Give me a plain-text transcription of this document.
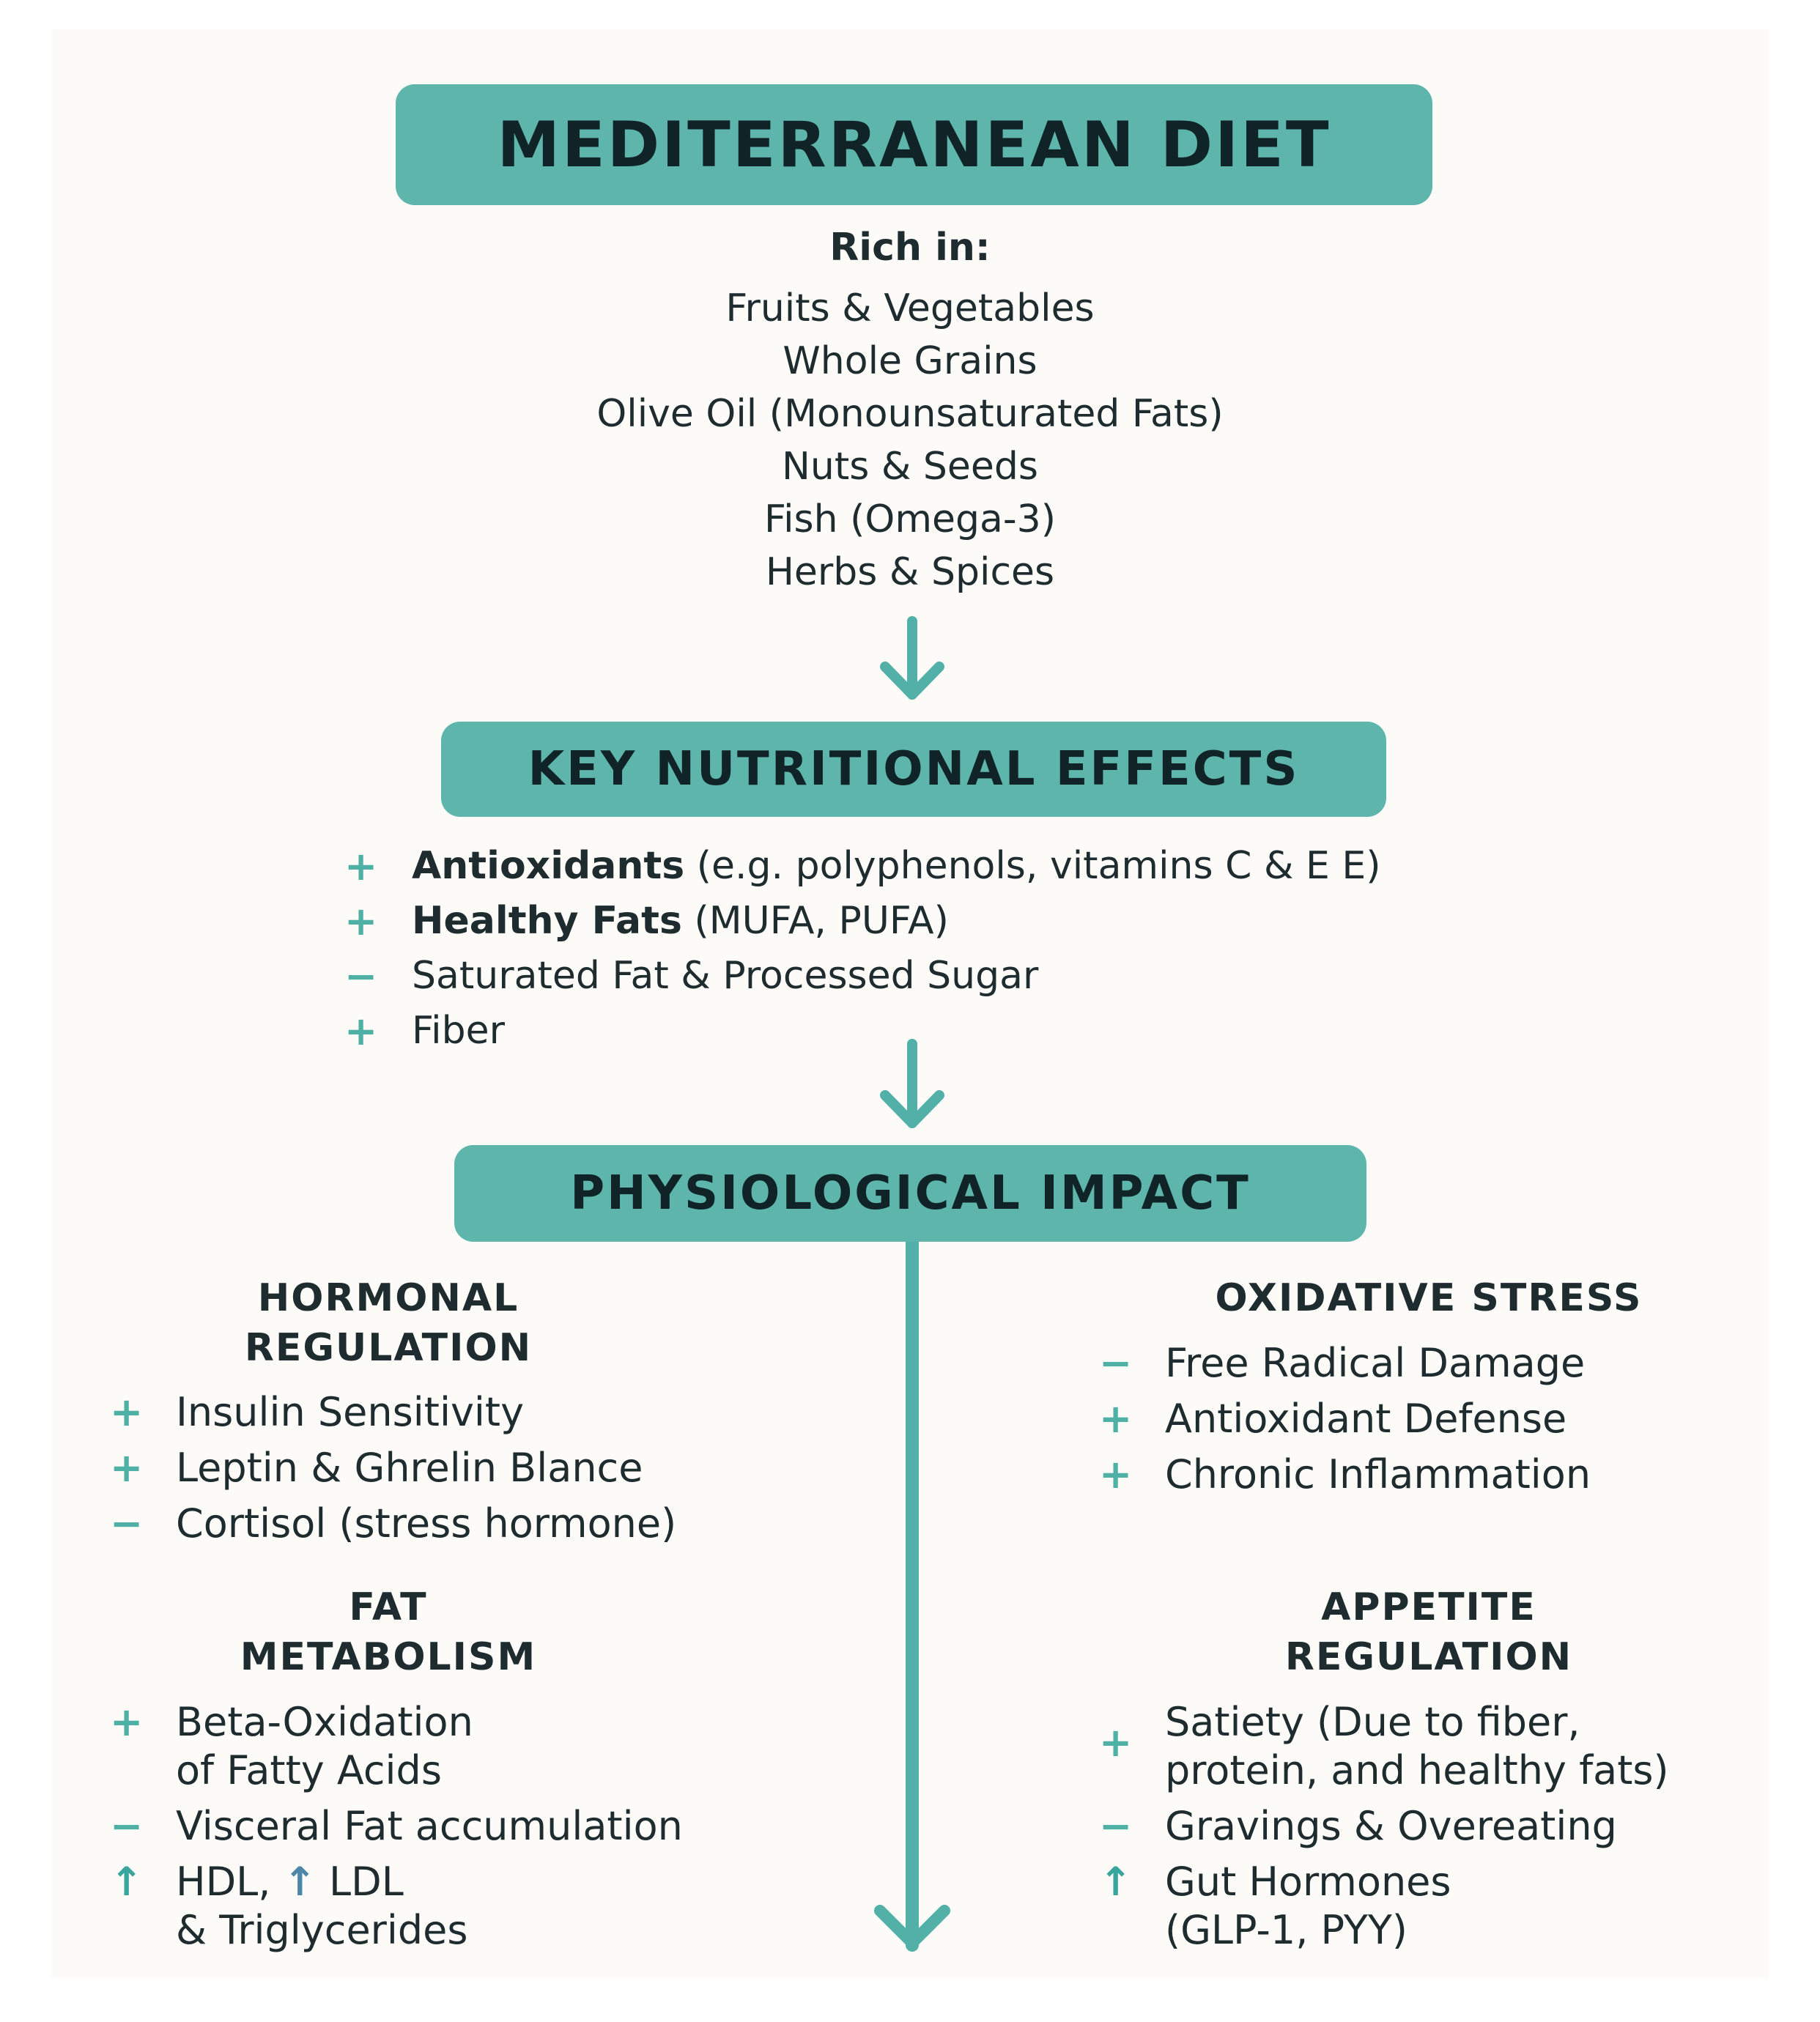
MEDITERRANEAN DIET
Rich in:
Fruits & Vegetables
Whole Grains
Olive Oil (Monounsaturated Fats)
Nuts & Seeds
Fish (Omega-3)
Herbs & Spices
KEY NUTRITIONAL EFFECTS
+ Antioxidants (e.g. polyphenols, vitamins C & E E)
+ Healthy Fats (MUFA, PUFA)
− Saturated Fat & Processed Sugar
+ Fiber
PHYSIOLOGICAL IMPACT
HORMONAL
REGULATION
+ Insulin Sensitivity
+ Leptin & Ghrelin Blance
− Cortisol (stress hormone)
OXIDATIVE STRESS
− Free Radical Damage
+ Antioxidant Defense
+ Chronic Inflammation
FAT
METABOLISM
+ Beta-Oxidation
of Fatty Acids
− Visceral Fat accumulation
↑ HDL, ↑ LDL
& Triglycerides
APPETITE
REGULATION
+ Satiety (Due to fiber,
protein, and healthy fats)
− Gravings & Overeating
↑ Gut Hormones
(GLP-1, PYY)
